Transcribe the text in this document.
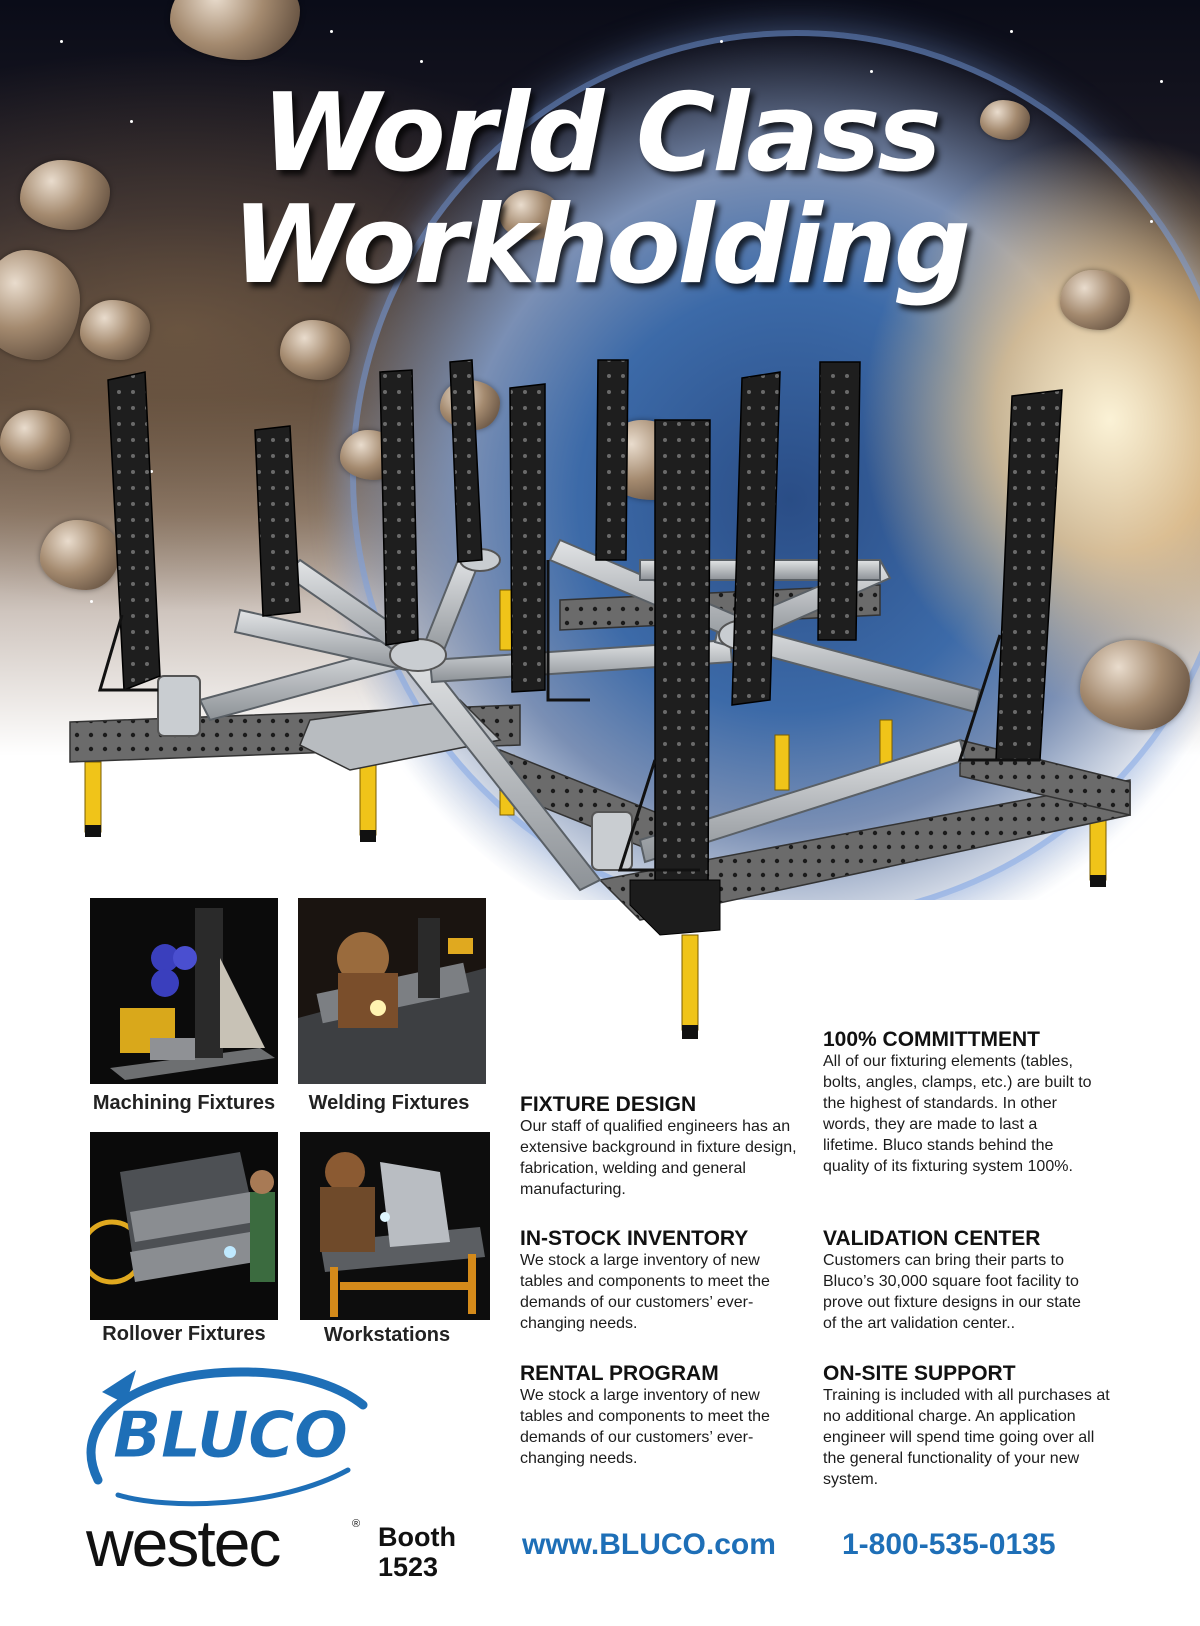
World Class
Workholding

Machining Fixtures	Welding Fixtures

Rollover Fixtures	Workstations

FIXTURE DESIGN

Our staff of qualified engineers has an extensive background in fixture design, fabrication, welding and general manufacturing.

IN-STOCK INVENTORY

We stock a large inventory of new tables and components to meet the demands of our customers’ ever-changing needs.

RENTAL PROGRAM

We stock a large inventory of new tables and components to meet the demands of our customers’ ever-changing needs.

100% COMMITTMENT

All of our fixturing elements (tables, bolts, angles, clamps, etc.) are built to the highest of standards. In other words, they are made to last a lifetime. Bluco stands behind the quality of its fixturing system 100%.

VALIDATION CENTER

Customers can bring their parts to Bluco’s 30,000 square foot facility to prove out fixture designs in our state of the art validation center..

ON-SITE SUPPORT

Training is included with all purchases at no additional charge. An application engineer will spend time going over all the general functionality of your new system.

BLUCO

westec	® Booth
1523

www.BLUCO.com 1-800-535-0135
